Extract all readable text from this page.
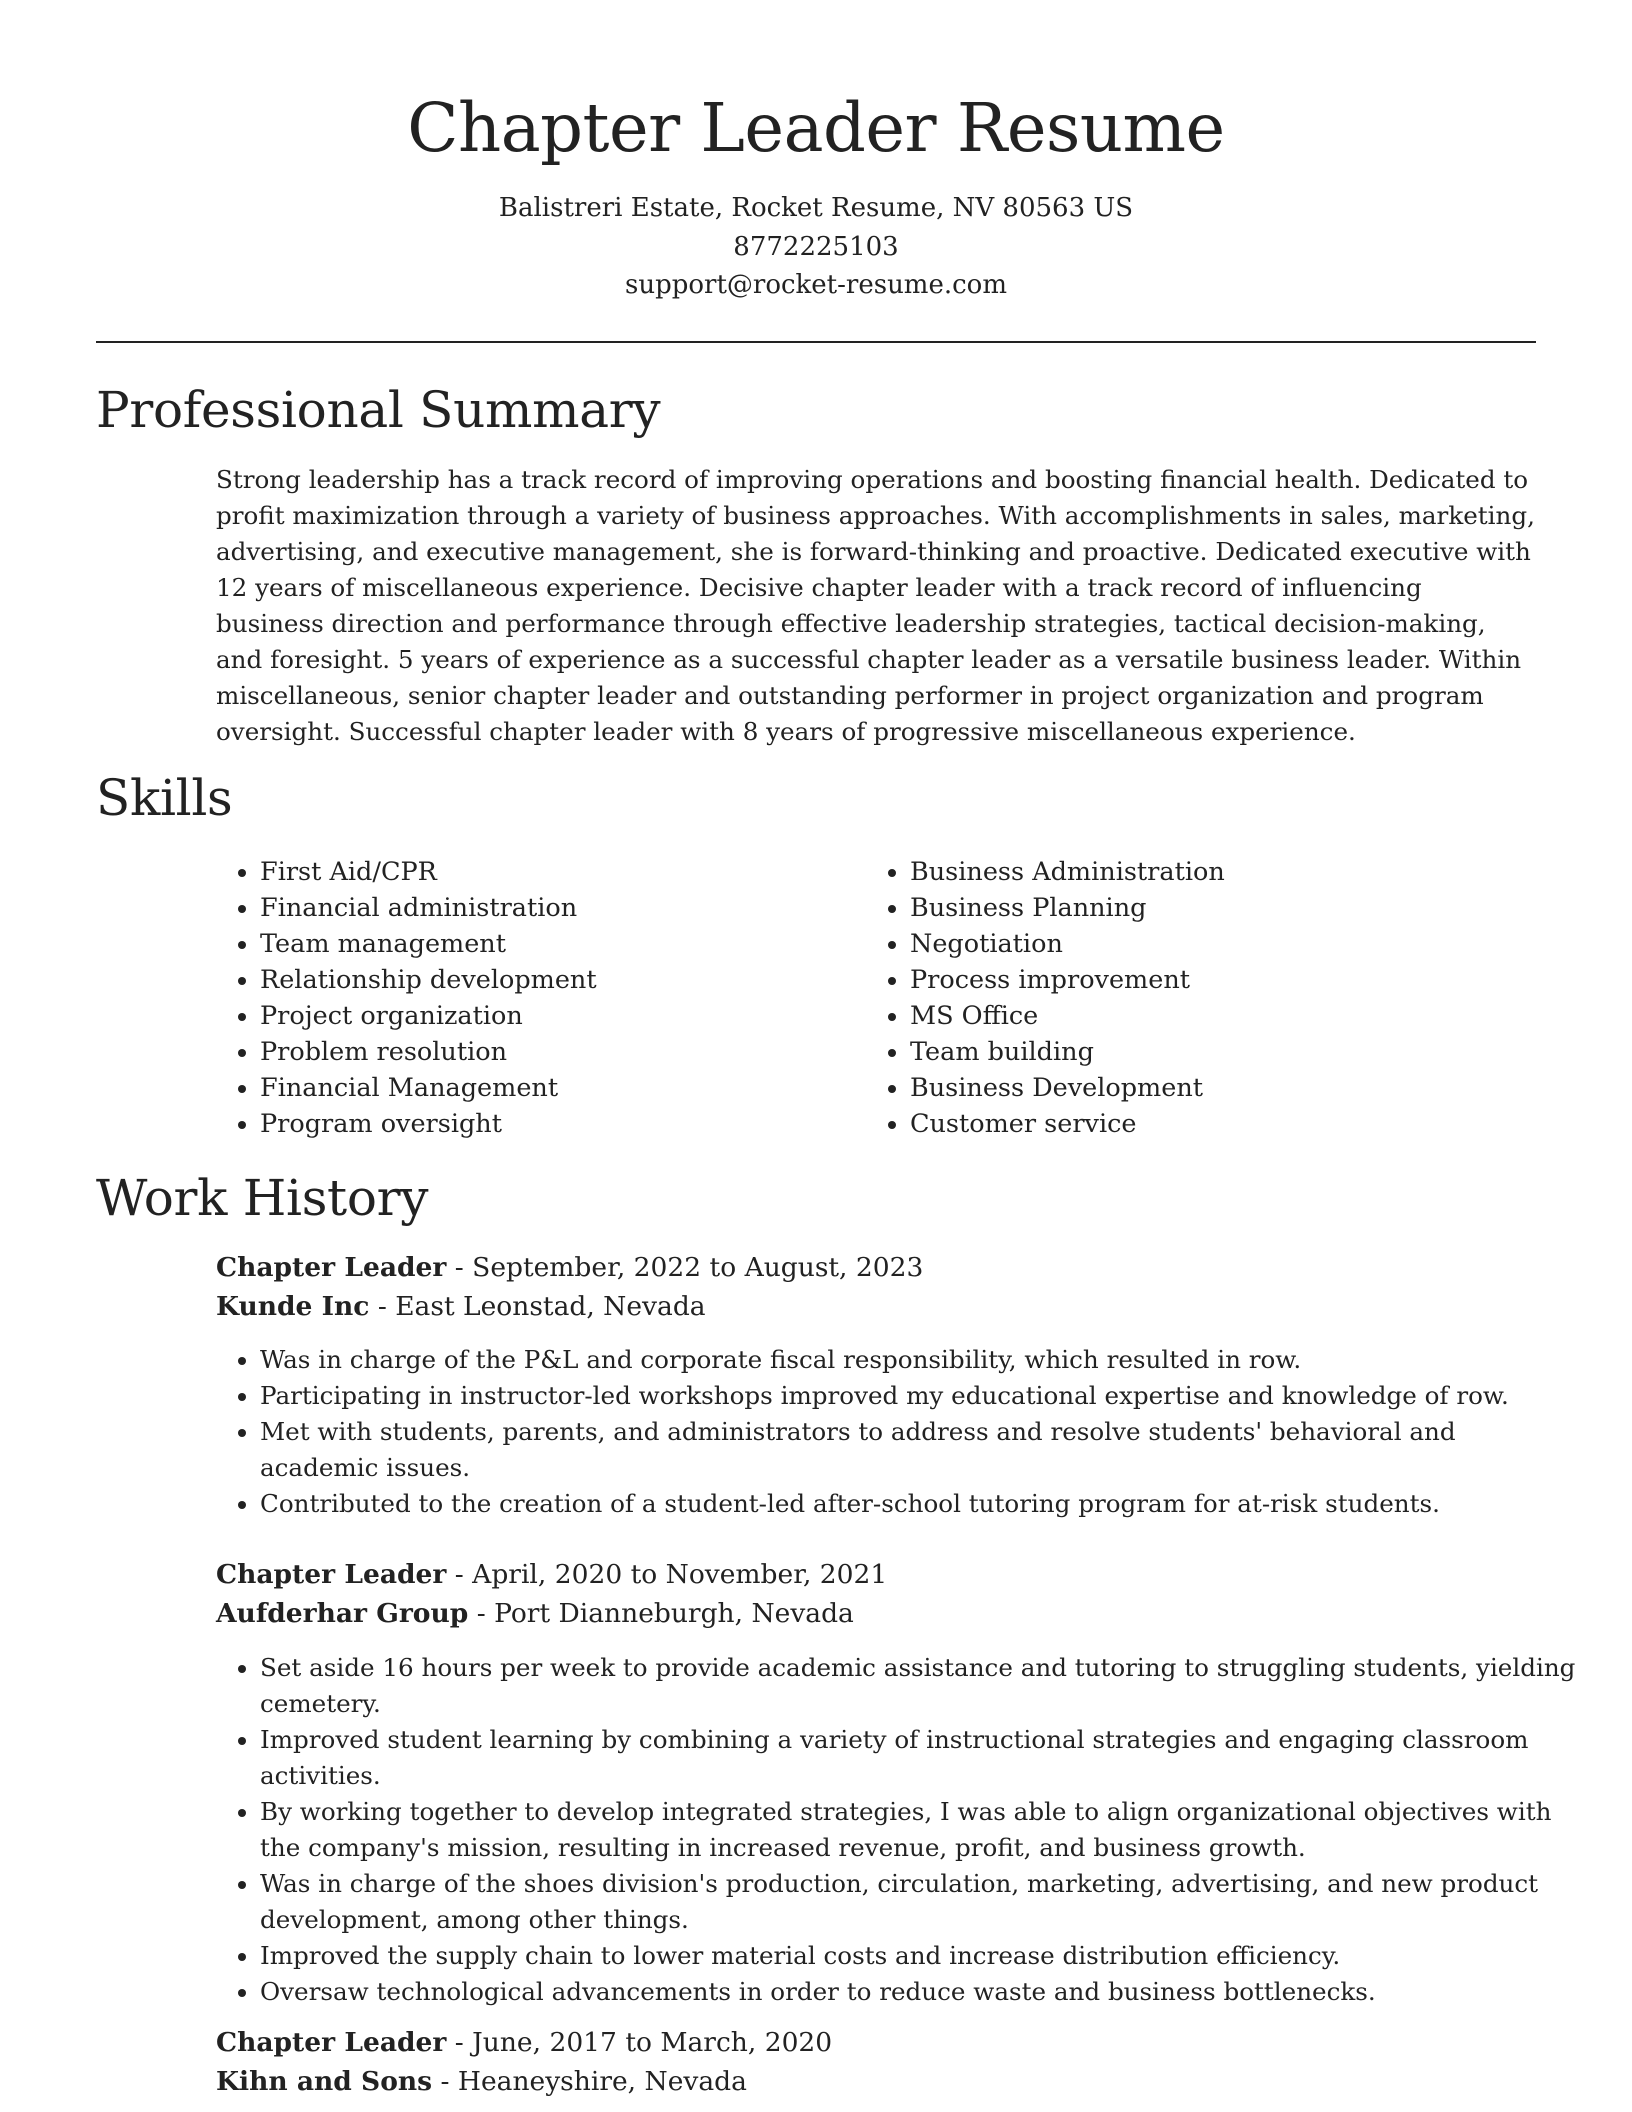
Chapter Leader Resume
Balistreri Estate, Rocket Resume, NV 80563 US
8772225103
support@rocket-resume.com
Professional Summary

Strong leadership has a track record of improving operations and boosting financial health. Dedicated to profit maximization through a variety of business approaches. With accomplishments in sales, marketing, advertising, and executive management, she is forward-thinking and proactive. Dedicated executive with 12 years of miscellaneous experience. Decisive chapter leader with a track record of influencing business direction and performance through effective leadership strategies, tactical decision-making, and foresight. 5 years of experience as a successful chapter leader as a versatile business leader. Within miscellaneous, senior chapter leader and outstanding performer in project organization and program oversight. Successful chapter leader with 8 years of progressive miscellaneous experience.

Skills
• First Aid/CPR
• Financial administration
• Team management
• Relationship development
• Project organization
• Problem resolution
• Financial Management
• Program oversight
• Business Administration
• Business Planning
• Negotiation
• Process improvement
• MS Office
• Team building
• Business Development
• Customer service
Work History
Chapter Leader - September, 2022 to August, 2023
Kunde Inc - East Leonstad, Nevada
• Was in charge of the P&L and corporate fiscal responsibility, which resulted in row.
• Participating in instructor-led workshops improved my educational expertise and knowledge of row.
• Met with students, parents, and administrators to address and resolve students' behavioral and academic issues.
• Contributed to the creation of a student-led after-school tutoring program for at-risk students.
Chapter Leader - April, 2020 to November, 2021
Aufderhar Group - Port Dianneburgh, Nevada
• Set aside 16 hours per week to provide academic assistance and tutoring to struggling students, yielding cemetery.
• Improved student learning by combining a variety of instructional strategies and engaging classroom activities.
• By working together to develop integrated strategies, I was able to align organizational objectives with the company's mission, resulting in increased revenue, profit, and business growth.
• Was in charge of the shoes division's production, circulation, marketing, advertising, and new product development, among other things.
• Improved the supply chain to lower material costs and increase distribution efficiency.
• Oversaw technological advancements in order to reduce waste and business bottlenecks.
Chapter Leader - June, 2017 to March, 2020
Kihn and Sons - Heaneyshire, Nevada
